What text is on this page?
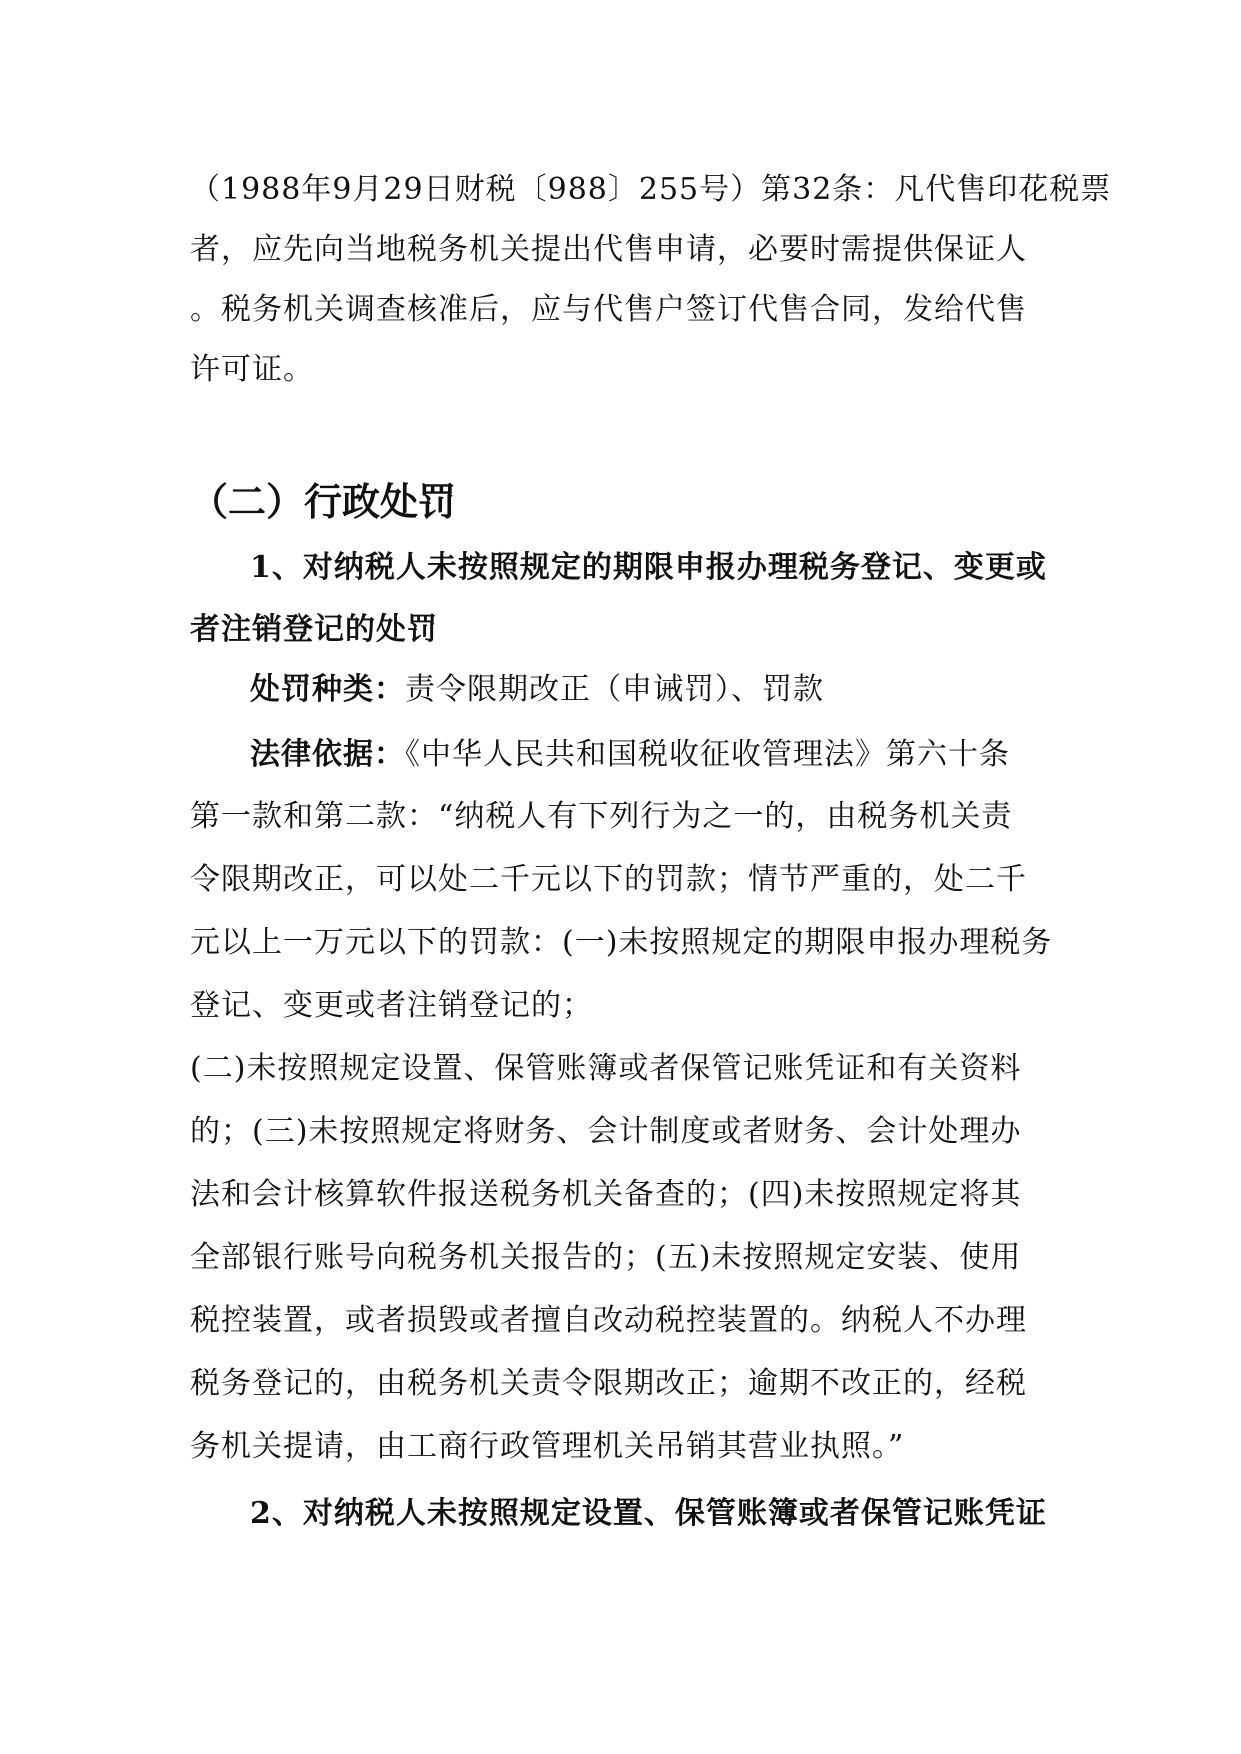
（1988年9月29日财税〔988〕255号）第32条：凡代售印花税票
者，应先向当地税务机关提出代售申请，必要时需提供保证人
。税务机关调查核准后，应与代售户签订代售合同，发给代售
许可证。
（二）行政处罚
1、对纳税人未按照规定的期限申报办理税务登记、变更或
者注销登记的处罚
处罚种类：责令限期改正（申诫罚）、罚款
法律依据：《中华人民共和国税收征收管理法》第六十条
第一款和第二款：“纳税人有下列行为之一的，由税务机关责
令限期改正，可以处二千元以下的罚款；情节严重的，处二千
元以上一万元以下的罚款：(一)未按照规定的期限申报办理税务
登记、变更或者注销登记的；
(二)未按照规定设置、保管账簿或者保管记账凭证和有关资料
的；(三)未按照规定将财务、会计制度或者财务、会计处理办
法和会计核算软件报送税务机关备查的；(四)未按照规定将其
全部银行账号向税务机关报告的；(五)未按照规定安装、使用
税控装置，或者损毁或者擅自改动税控装置的。纳税人不办理
税务登记的，由税务机关责令限期改正；逾期不改正的，经税
务机关提请，由工商行政管理机关吊销其营业执照。”
2、对纳税人未按照规定设置、保管账簿或者保管记账凭证
